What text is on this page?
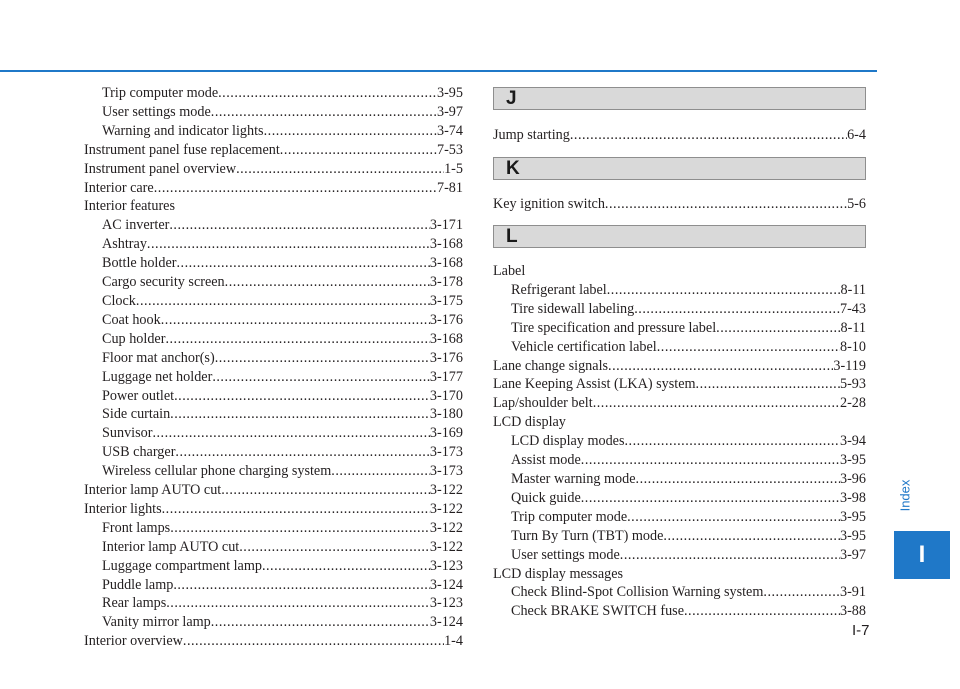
Trip computer mode .....	3-95
User settings mode .....	3-97
Warning and indicator lights .....	3-74
Instrument panel fuse replacement .....	7-53
Instrument panel overview .....	1-5
Interior care .....	7-81
Interior features
AC inverter .....	3-171
Ashtray .....	3-168
Bottle holder .....	3-168
Cargo security screen .....	3-178
Clock .....	3-175
Coat hook .....	3-176
Cup holder .....	3-168
Floor mat anchor(s) .....	3-176
Luggage net holder .....	3-177
Power outlet .....	3-170
Side curtain .....	3-180
Sunvisor .....	3-169
USB charger .....	3-173
Wireless cellular phone charging system .....	3-173
Interior lamp AUTO cut .....	3-122
Interior lights .....	3-122
Front lamps .....	3-122
Interior lamp AUTO cut .....	3-122
Luggage compartment lamp .....	3-123
Puddle lamp .....	3-124
Rear lamps .....	3-123
Vanity mirror lamp .....	3-124
Interior overview .....	1-4
J
Jump starting .....	6-4
K
Key ignition switch .....	5-6
L
Label
Refrigerant label .....	8-11
Tire sidewall labeling .....	7-43
Tire specification and pressure label .....	8-11
Vehicle certification label .....	8-10
Lane change signals .....	3-119
Lane Keeping Assist (LKA) system .....	5-93
Lap/shoulder belt .....	2-28
LCD display
LCD display modes .....	3-94
Assist mode .....	3-95
Master warning mode .....	3-96
Quick guide .....	3-98
Trip computer mode .....	3-95
Turn By Turn (TBT) mode .....	3-95
User settings mode .....	3-97
LCD display messages
Check Blind-Spot Collision Warning system .....	3-91
Check BRAKE SWITCH fuse .....	3-88
Index
I
I-7
